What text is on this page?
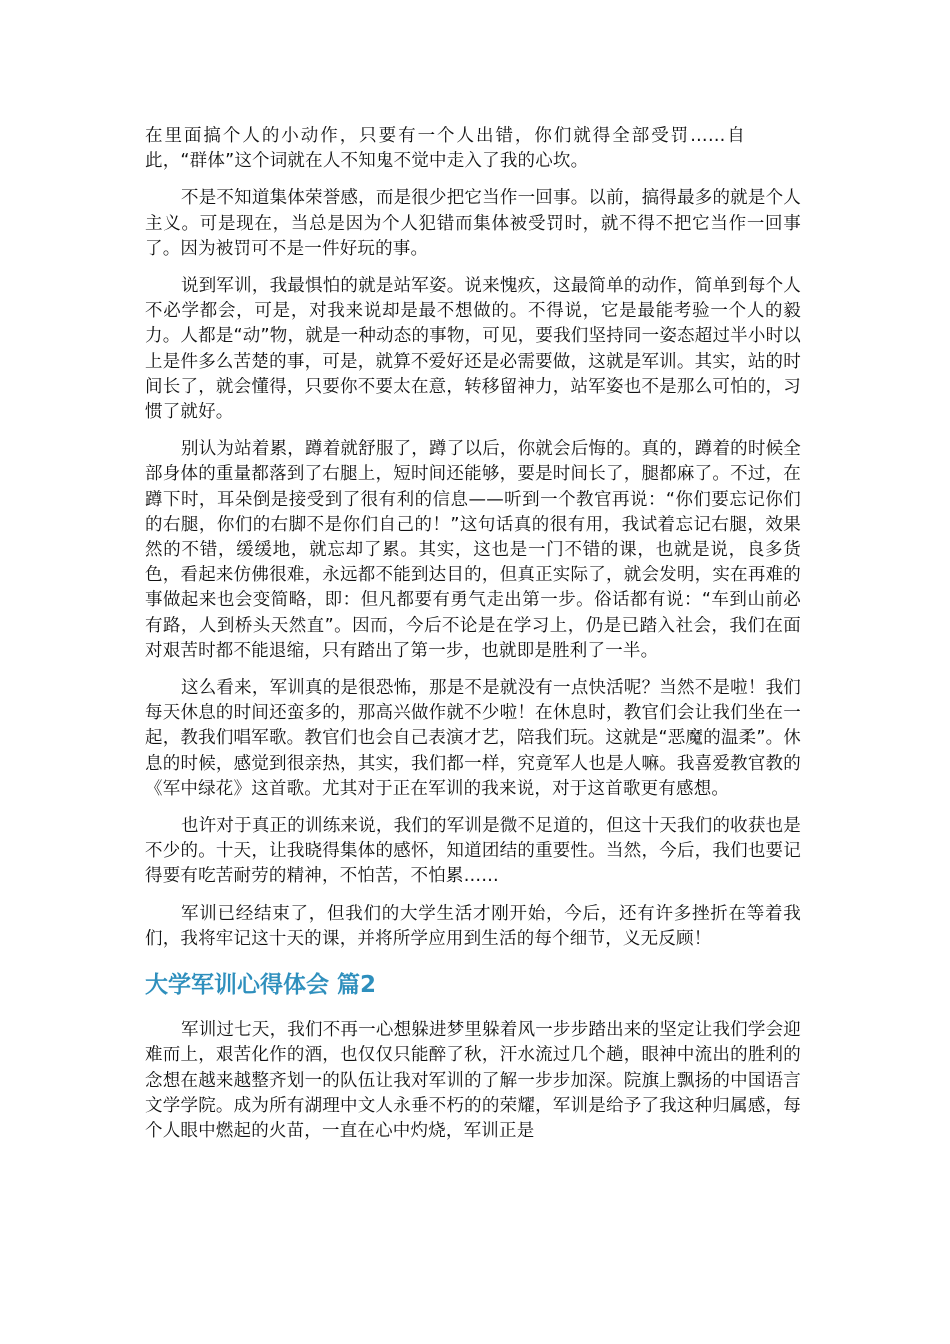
在里面搞个人的小动作，只要有一个人出错，你们就得全部受罚……自此，“群体”这个词就在人不知鬼不觉中走入了我的心坎。

不是不知道集体荣誉感，而是很少把它当作一回事。以前，搞得最多的就是个人主义。可是现在，当总是因为个人犯错而集体被受罚时，就不得不把它当作一回事了。因为被罚可不是一件好玩的事。

说到军训，我最惧怕的就是站军姿。说来愧疚，这最简单的动作，简单到每个人不必学都会，可是，对我来说却是最不想做的。不得说，它是最能考验一个人的毅力。人都是“动”物，就是一种动态的事物，可见，要我们坚持同一姿态超过半小时以上是件多么苦楚的事，可是，就算不爱好还是必需要做，这就是军训。其实，站的时间长了，就会懂得，只要你不要太在意，转移留神力，站军姿也不是那么可怕的，习惯了就好。

别认为站着累，蹲着就舒服了，蹲了以后，你就会后悔的。真的，蹲着的时候全部身体的重量都落到了右腿上，短时间还能够，要是时间长了，腿都麻了。不过，在蹲下时，耳朵倒是接受到了很有利的信息——听到一个教官再说：“你们要忘记你们的右腿，你们的右脚不是你们自己的！”这句话真的很有用，我试着忘记右腿，效果然的不错，缓缓地，就忘却了累。其实，这也是一门不错的课，也就是说，良多货色，看起来仿佛很难，永远都不能到达目的，但真正实际了，就会发明，实在再难的事做起来也会变简略，即：但凡都要有勇气走出第一步。俗话都有说：“车到山前必有路，人到桥头天然直”。因而，今后不论是在学习上，仍是已踏入社会，我们在面对艰苦时都不能退缩，只有踏出了第一步，也就即是胜利了一半。

这么看来，军训真的是很恐怖，那是不是就没有一点快活呢？当然不是啦！我们每天休息的时间还蛮多的，那高兴做作就不少啦！在休息时，教官们会让我们坐在一起，教我们唱军歌。教官们也会自己表演才艺，陪我们玩。这就是“恶魔的温柔”。休息的时候，感觉到很亲热，其实，我们都一样，究竟军人也是人嘛。我喜爱教官教的《军中绿花》这首歌。尤其对于正在军训的我来说，对于这首歌更有感想。

也许对于真正的训练来说，我们的军训是微不足道的，但这十天我们的收获也是不少的。十天，让我晓得集体的感怀，知道团结的重要性。当然，今后，我们也要记得要有吃苦耐劳的精神，不怕苦，不怕累……

军训已经结束了，但我们的大学生活才刚开始，今后，还有许多挫折在等着我们，我将牢记这十天的课，并将所学应用到生活的每个细节，义无反顾！

大学军训心得体会 篇2

军训过七天，我们不再一心想躲进梦里躲着风一步步踏出来的坚定让我们学会迎难而上，艰苦化作的酒，也仅仅只能醉了秋，汗水流过几个趟，眼神中流出的胜利的念想在越来越整齐划一的队伍让我对军训的了解一步步加深。院旗上飘扬的中国语言文学学院。成为所有湖理中文人永垂不朽的的荣耀，军训是给予了我这种归属感，每个人眼中燃起的火苗，一直在心中灼烧，军训正是
